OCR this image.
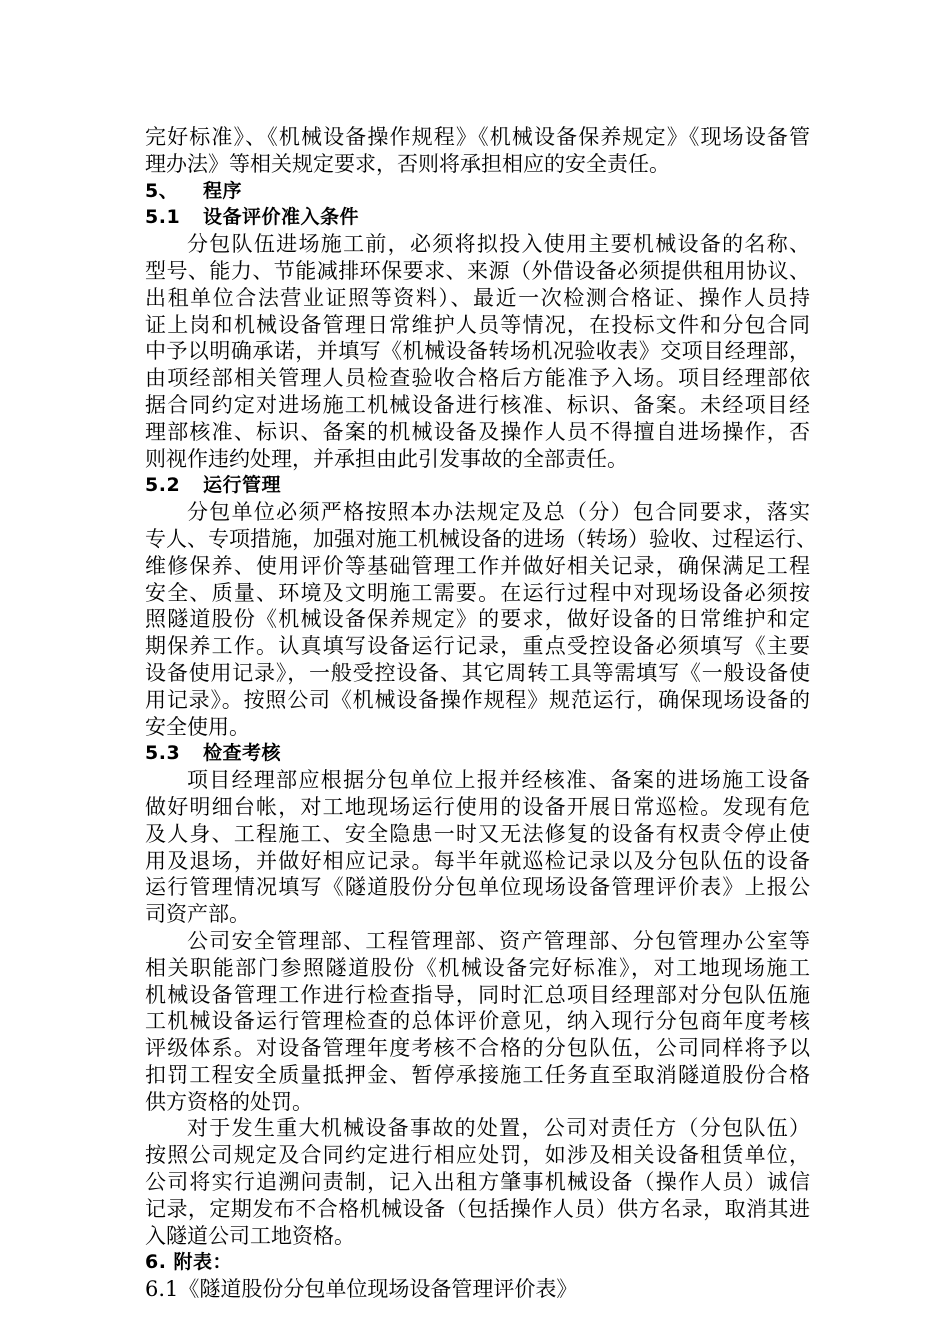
完好标准》、《机械设备操作规程》《机械设备保养规定》《现场设备管
理办法》等相关规定要求，否则将承担相应的安全责任。
5、 程序
5.1 设备评价准入条件
分包队伍进场施工前，必须将拟投入使用主要机械设备的名称、
型号、能力、节能减排环保要求、来源（外借设备必须提供租用协议、
出租单位合法营业证照等资料）、最近一次检测合格证、操作人员持
证上岗和机械设备管理日常维护人员等情况，在投标文件和分包合同
中予以明确承诺，并填写《机械设备转场机况验收表》交项目经理部，
由项经部相关管理人员检查验收合格后方能准予入场。项目经理部依
据合同约定对进场施工机械设备进行核准、标识、备案。未经项目经
理部核准、标识、备案的机械设备及操作人员不得擅自进场操作，否
则视作违约处理，并承担由此引发事故的全部责任。
5.2 运行管理
分包单位必须严格按照本办法规定及总（分）包合同要求，落实
专人、专项措施，加强对施工机械设备的进场（转场）验收、过程运行、
维修保养、使用评价等基础管理工作并做好相关记录，确保满足工程
安全、质量、环境及文明施工需要。在运行过程中对现场设备必须按
照隧道股份《机械设备保养规定》的要求，做好设备的日常维护和定
期保养工作。认真填写设备运行记录，重点受控设备必须填写《主要
设备使用记录》，一般受控设备、其它周转工具等需填写《一般设备使
用记录》。按照公司《机械设备操作规程》规范运行，确保现场设备的
安全使用。
5.3 检查考核
项目经理部应根据分包单位上报并经核准、备案的进场施工设备
做好明细台帐，对工地现场运行使用的设备开展日常巡检。发现有危
及人身、工程施工、安全隐患一时又无法修复的设备有权责令停止使
用及退场，并做好相应记录。每半年就巡检记录以及分包队伍的设备
运行管理情况填写《隧道股份分包单位现场设备管理评价表》上报公
司资产部。
公司安全管理部、工程管理部、资产管理部、分包管理办公室等
相关职能部门参照隧道股份《机械设备完好标准》，对工地现场施工
机械设备管理工作进行检查指导，同时汇总项目经理部对分包队伍施
工机械设备运行管理检查的总体评价意见，纳入现行分包商年度考核
评级体系。对设备管理年度考核不合格的分包队伍，公司同样将予以
扣罚工程安全质量抵押金、暂停承接施工任务直至取消隧道股份合格
供方资格的处罚。
对于发生重大机械设备事故的处置，公司对责任方（分包队伍）
按照公司规定及合同约定进行相应处罚，如涉及相关设备租赁单位，
公司将实行追溯问责制，记入出租方肇事机械设备（操作人员）诚信
记录，定期发布不合格机械设备（包括操作人员）供方名录，取消其进
入隧道公司工地资格。
6. 附表：
6.1《隧道股份分包单位现场设备管理评价表》
